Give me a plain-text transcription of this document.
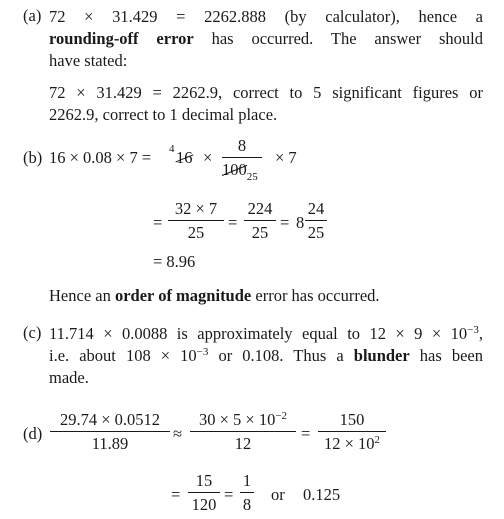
(a) 72 × 31.429 = 2262.888 (by calculator), hence a
rounding-off error has occurred. The answer should
have stated:
72 × 31.429 = 2262.9, correct to 5 significant figures or
2262.9, correct to 1 decimal place.
(b) 16 × 0.08 × 7 = 4 16 ×
8
$100_{25}$
× 7
=
32 × 7
25
=
224
25
= 8
24
25
= 8.96
Hence an order of magnitude error has occurred.
(c) 11.714 × 0.0088 is approximately equal to $12 \times 9 \times 10^{-3}$,
i.e. about $108 \times 10^{-3}$ or 0.108. Thus a blunder has been
made.
(d)
29.74 × 0.0512
11.89
≈
$30 \times 5 \times 10^{-2}$
12
=
150
$12 \times 10^2$
=
15
120
=
1
8
or 0.125
